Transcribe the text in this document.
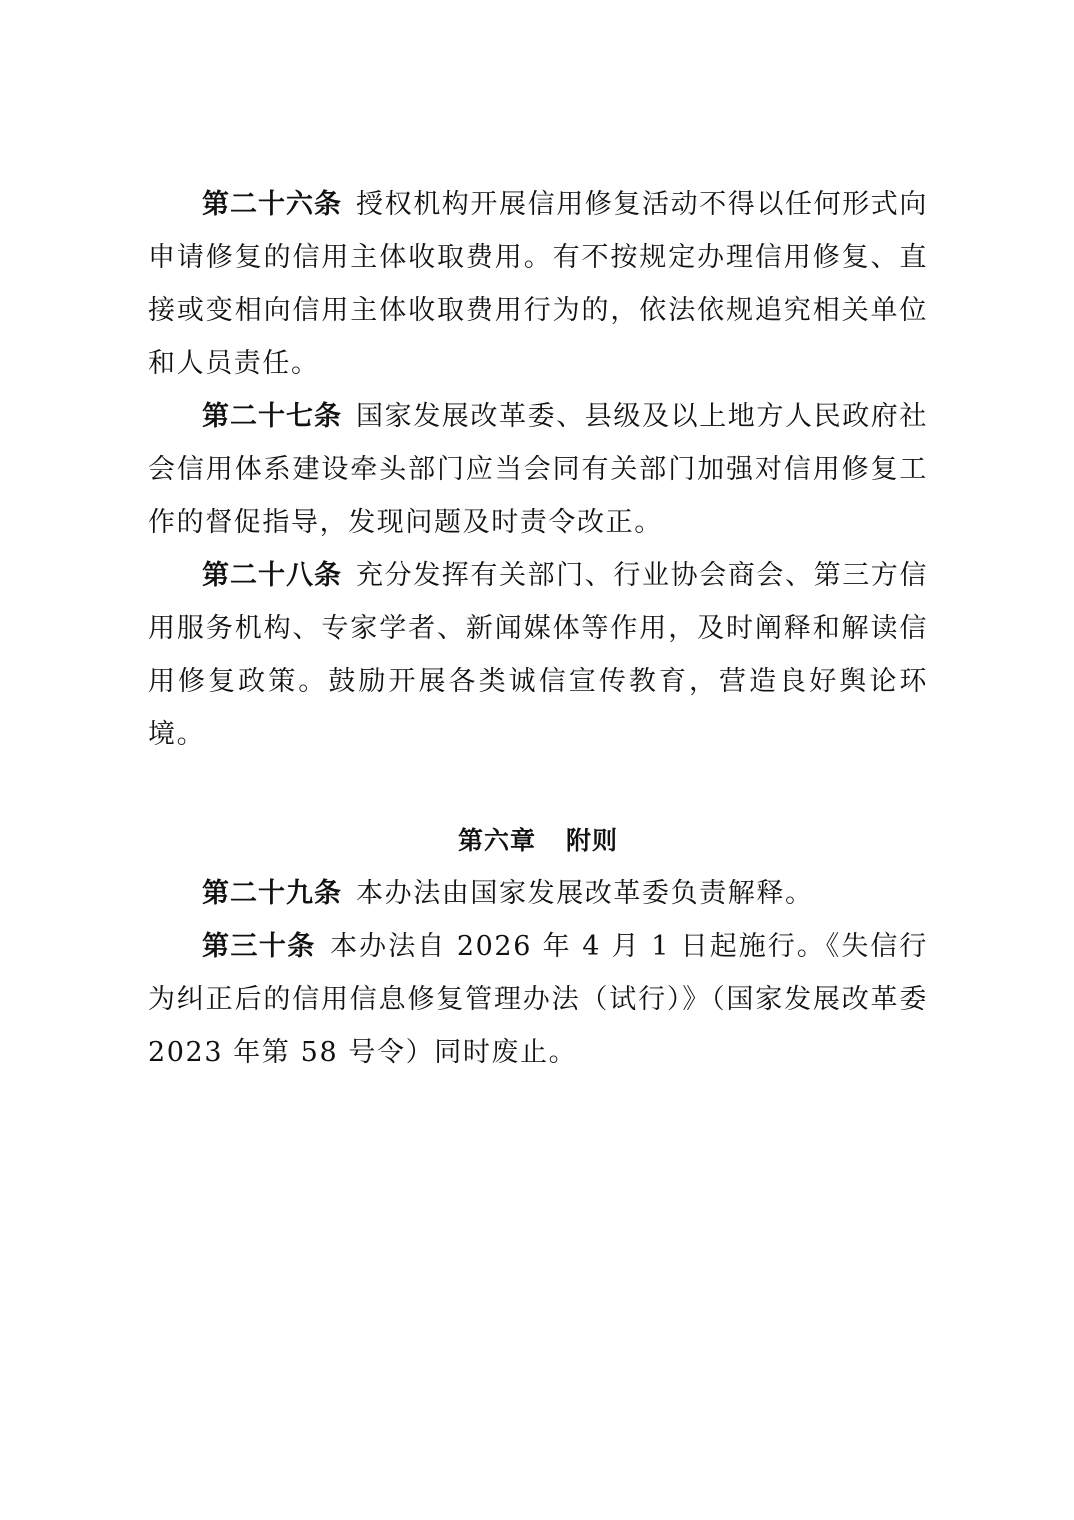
第二十六条 授权机构开展信用修复活动不得以任何形式向申请修复的信用主体收取费用。有不按规定办理信用修复、直接或变相向信用主体收取费用行为的，依法依规追究相关单位和人员责任。

第二十七条 国家发展改革委、县级及以上地方人民政府社会信用体系建设牵头部门应当会同有关部门加强对信用修复工作的督促指导，发现问题及时责令改正。

第二十八条 充分发挥有关部门、行业协会商会、第三方信用服务机构、专家学者、新闻媒体等作用，及时阐释和解读信用修复政策。鼓励开展各类诚信宣传教育，营造良好舆论环境。

第六章 附则

第二十九条 本办法由国家发展改革委负责解释。

第三十条 本办法自 2026 年 4 月 1 日起施行。《失信行为纠正后的信用信息修复管理办法（试行）》（国家发展改革委 2023 年第 58 号令）同时废止。
